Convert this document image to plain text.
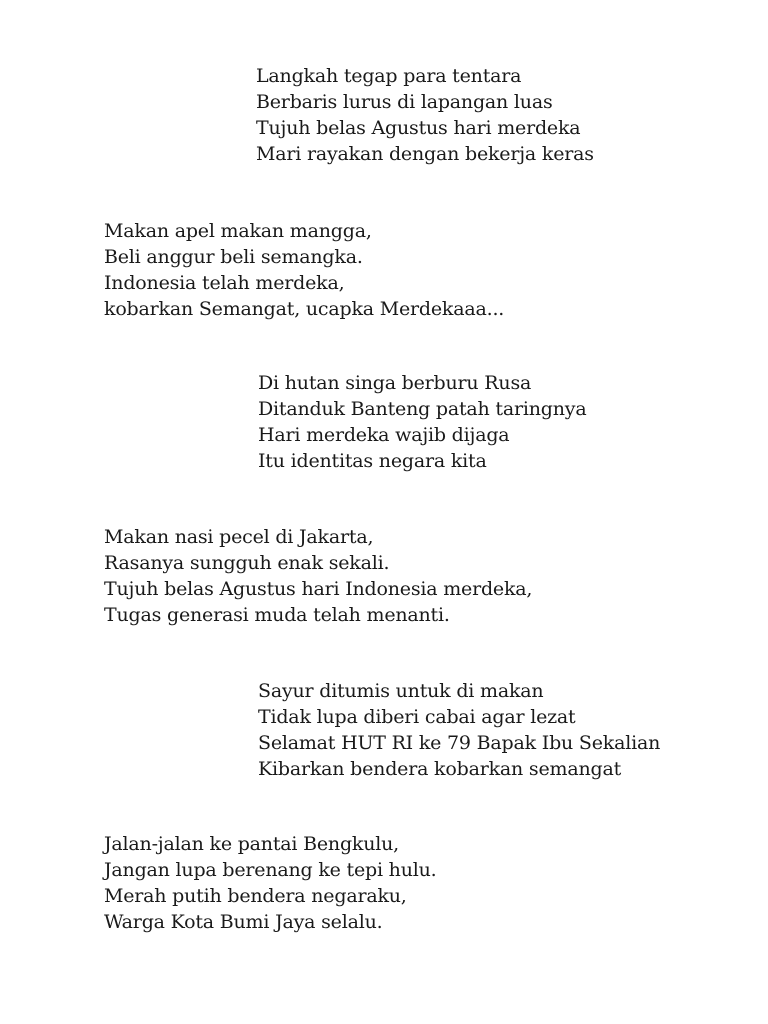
Langkah tegap para tentara
Berbaris lurus di lapangan luas
Tujuh belas Agustus hari merdeka
Mari rayakan dengan bekerja keras
Makan apel makan mangga,
Beli anggur beli semangka.
Indonesia telah merdeka,
kobarkan Semangat, ucapka Merdekaaa...
Di hutan singa berburu Rusa
Ditanduk Banteng patah taringnya
Hari merdeka wajib dijaga
Itu identitas negara kita
Makan nasi pecel di Jakarta,
Rasanya sungguh enak sekali.
Tujuh belas Agustus hari Indonesia merdeka,
Tugas generasi muda telah menanti.
Sayur ditumis untuk di makan
Tidak lupa diberi cabai agar lezat
Selamat HUT RI ke 79 Bapak Ibu Sekalian
Kibarkan bendera kobarkan semangat
Jalan-jalan ke pantai Bengkulu,
Jangan lupa berenang ke tepi hulu.
Merah putih bendera negaraku,
Warga Kota Bumi Jaya selalu.
